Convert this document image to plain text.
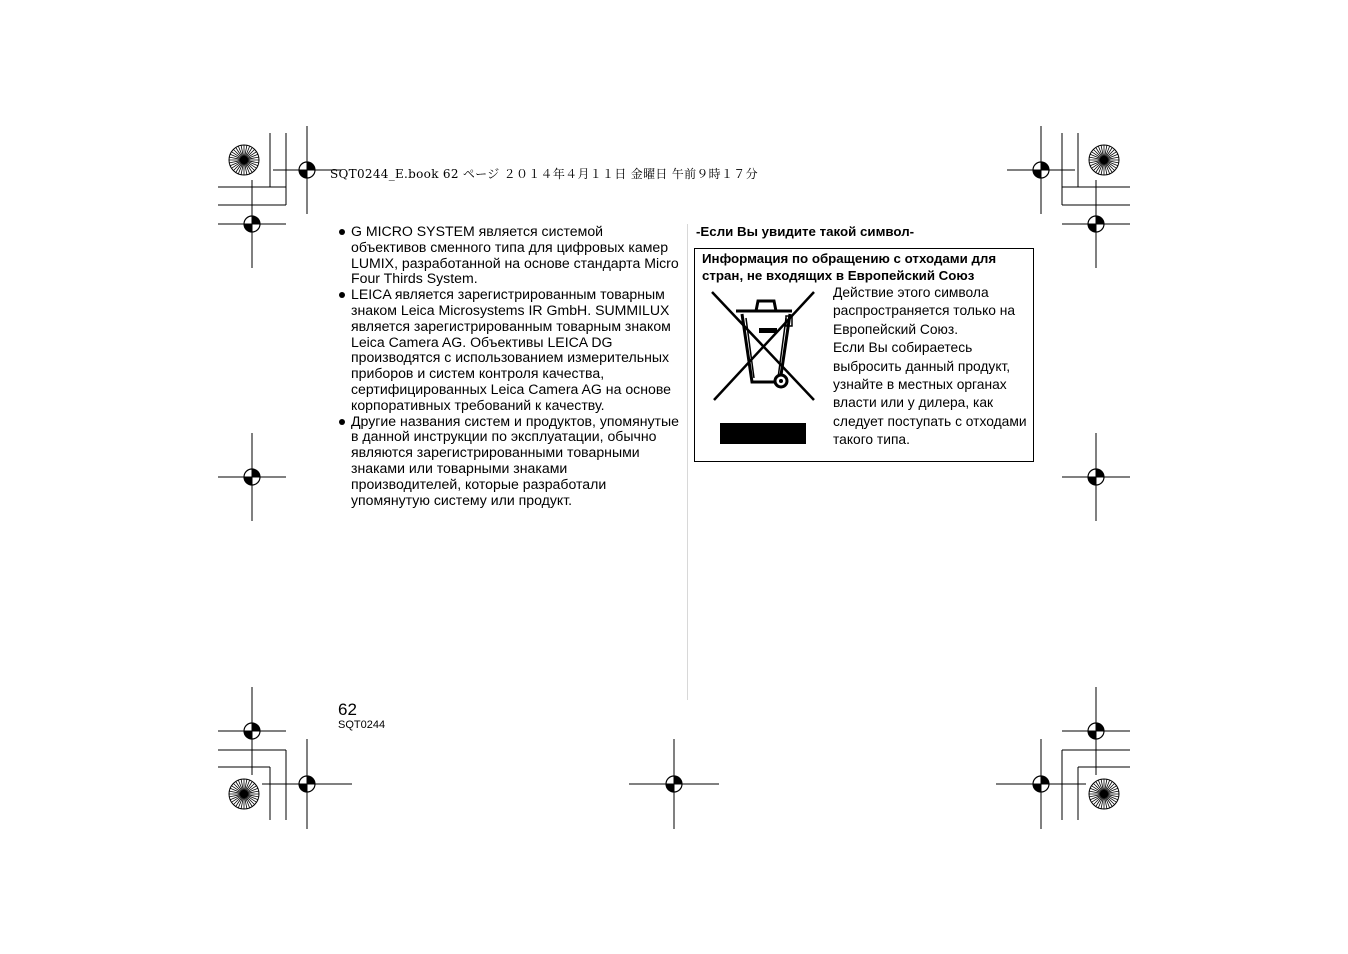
SQT0244_E.book 62 ページ ２０１４年４月１１日 金曜日 午前９時１７分
G MICRO SYSTEM является системой объективов сменного типа для цифровых камер LUMIX, разработанной на основе стандарта Micro Four Thirds System.
LEICA является зарегистрированным товарным знаком Leica Microsystems IR GmbH. SUMMILUX является зарегистрированным товарным знаком Leica Camera AG. Объективы LEICA DG производятся с использованием измерительных приборов и систем контроля качества, сертифицированных Leica Camera AG на основе корпоративных требований к качеству.
Другие названия систем и продуктов, упомянутые в данной инструкции по эксплуатации, обычно являются зарегистрированными товарными знаками или товарными знаками производителей, которые разработали упомянутую систему или продукт.
-Если Вы увидите такой символ-
Информация по обращению с отходами для стран, не входящих в Европейский Союз
Действие этого символа распространяется только на Европейский Союз.
Если Вы собираетесь выбросить данный продукт, узнайте в местных органах власти или у дилера, как следует поступать с отходами такого типа.
62
SQT0244
